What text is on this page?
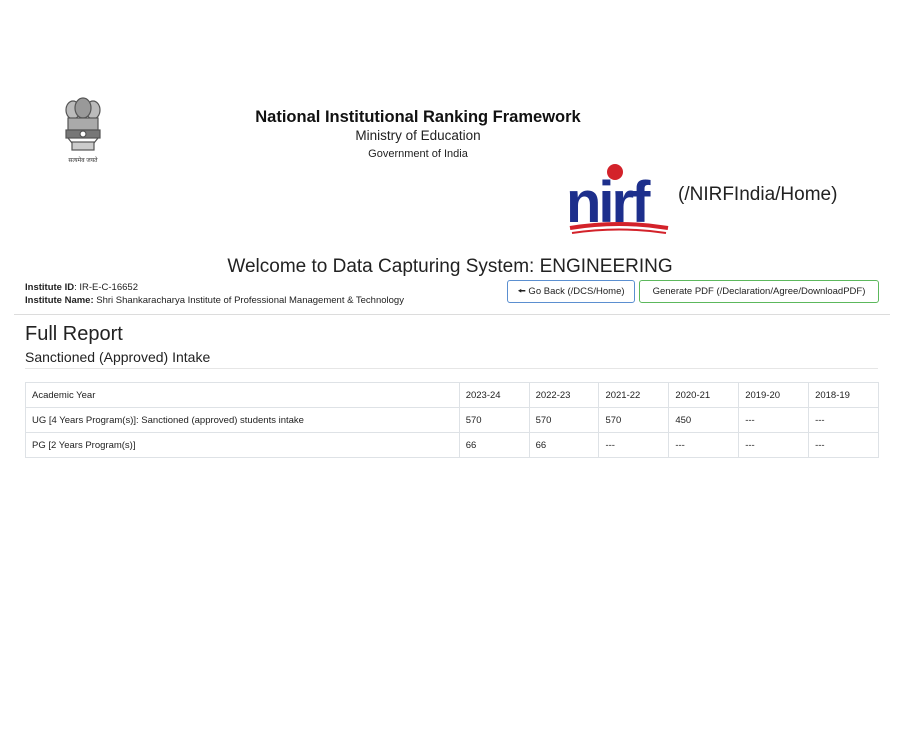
सत्यमेव जयते
National Institutional Ranking Framework
Ministry of Education
Government of India
nirf (/NIRFIndia/Home)
Welcome to Data Capturing System: ENGINEERING
Institute ID: IR-E-C-16652
Institute Name: Shri Shankaracharya Institute of Professional Management & Technology
🠘 Go Back (/DCS/Home)	Generate PDF (/Declaration/Agree/DownloadPDF)
Full Report
Sanctioned (Approved) Intake
Academic Year	2023-24	2022-23	2021-22	2020-21	2019-20	2018-19
UG [4 Years Program(s)]: Sanctioned (approved) students intake	570	570	570	450	---	---
PG [2 Years Program(s)]	66	66	---	---	---	---
